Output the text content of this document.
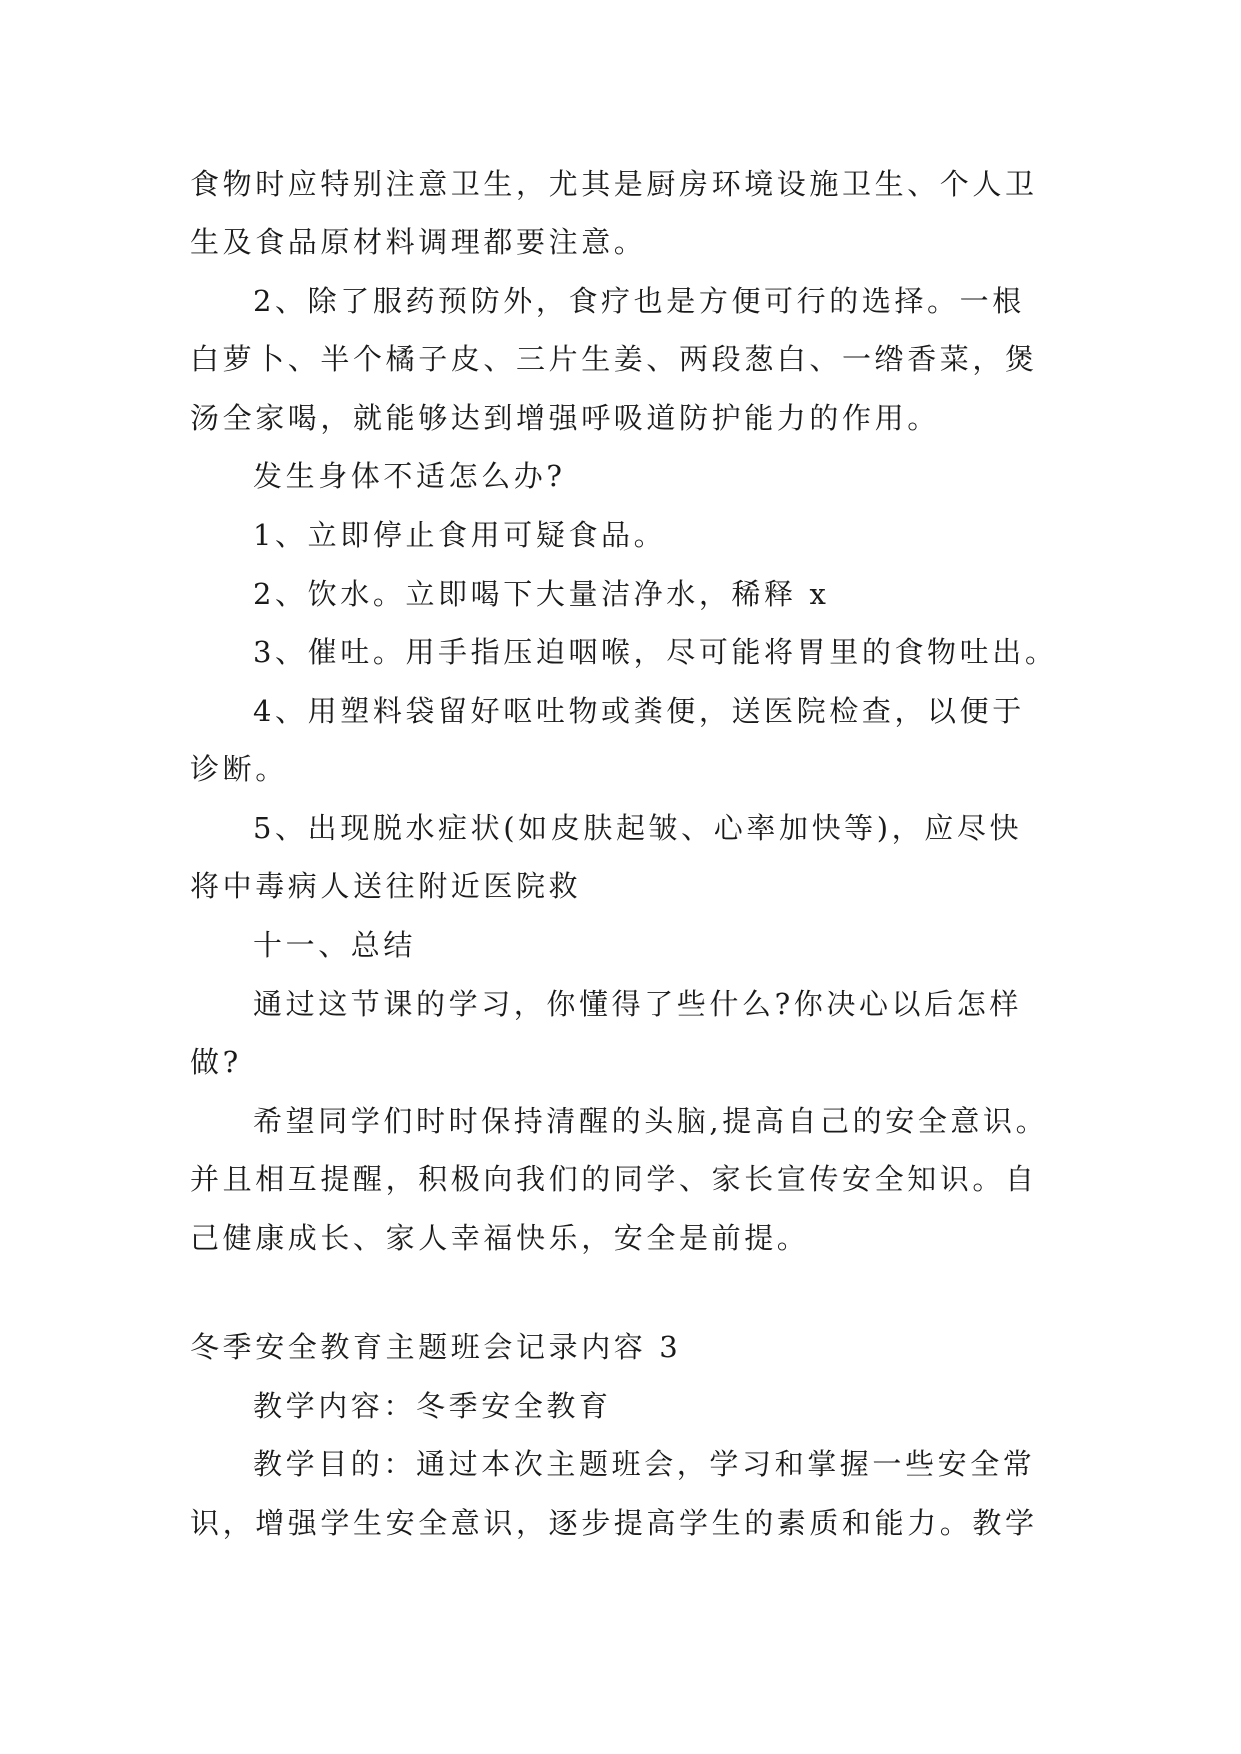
食物时应特别注意卫生，尤其是厨房环境设施卫生、个人卫
生及食品原材料调理都要注意。
2、除了服药预防外，食疗也是方便可行的选择。一根
白萝卜、半个橘子皮、三片生姜、两段葱白、一绺香菜，煲
汤全家喝，就能够达到增强呼吸道防护能力的作用。
发生身体不适怎么办?
1、立即停止食用可疑食品。
2、饮水。立即喝下大量洁净水，稀释 x
3、催吐。用手指压迫咽喉，尽可能将胃里的食物吐出。
4、用塑料袋留好呕吐物或粪便，送医院检查，以便于
诊断。
5、出现脱水症状(如皮肤起皱、心率加快等)，应尽快
将中毒病人送往附近医院救
十一、总结
通过这节课的学习，你懂得了些什么?你决心以后怎样
做?
希望同学们时时保持清醒的头脑,提高自己的安全意识。
并且相互提醒，积极向我们的同学、家长宣传安全知识。自
己健康成长、家人幸福快乐，安全是前提。
冬季安全教育主题班会记录内容 3
教学内容：冬季安全教育
教学目的：通过本次主题班会，学习和掌握一些安全常
识，增强学生安全意识，逐步提高学生的素质和能力。教学
